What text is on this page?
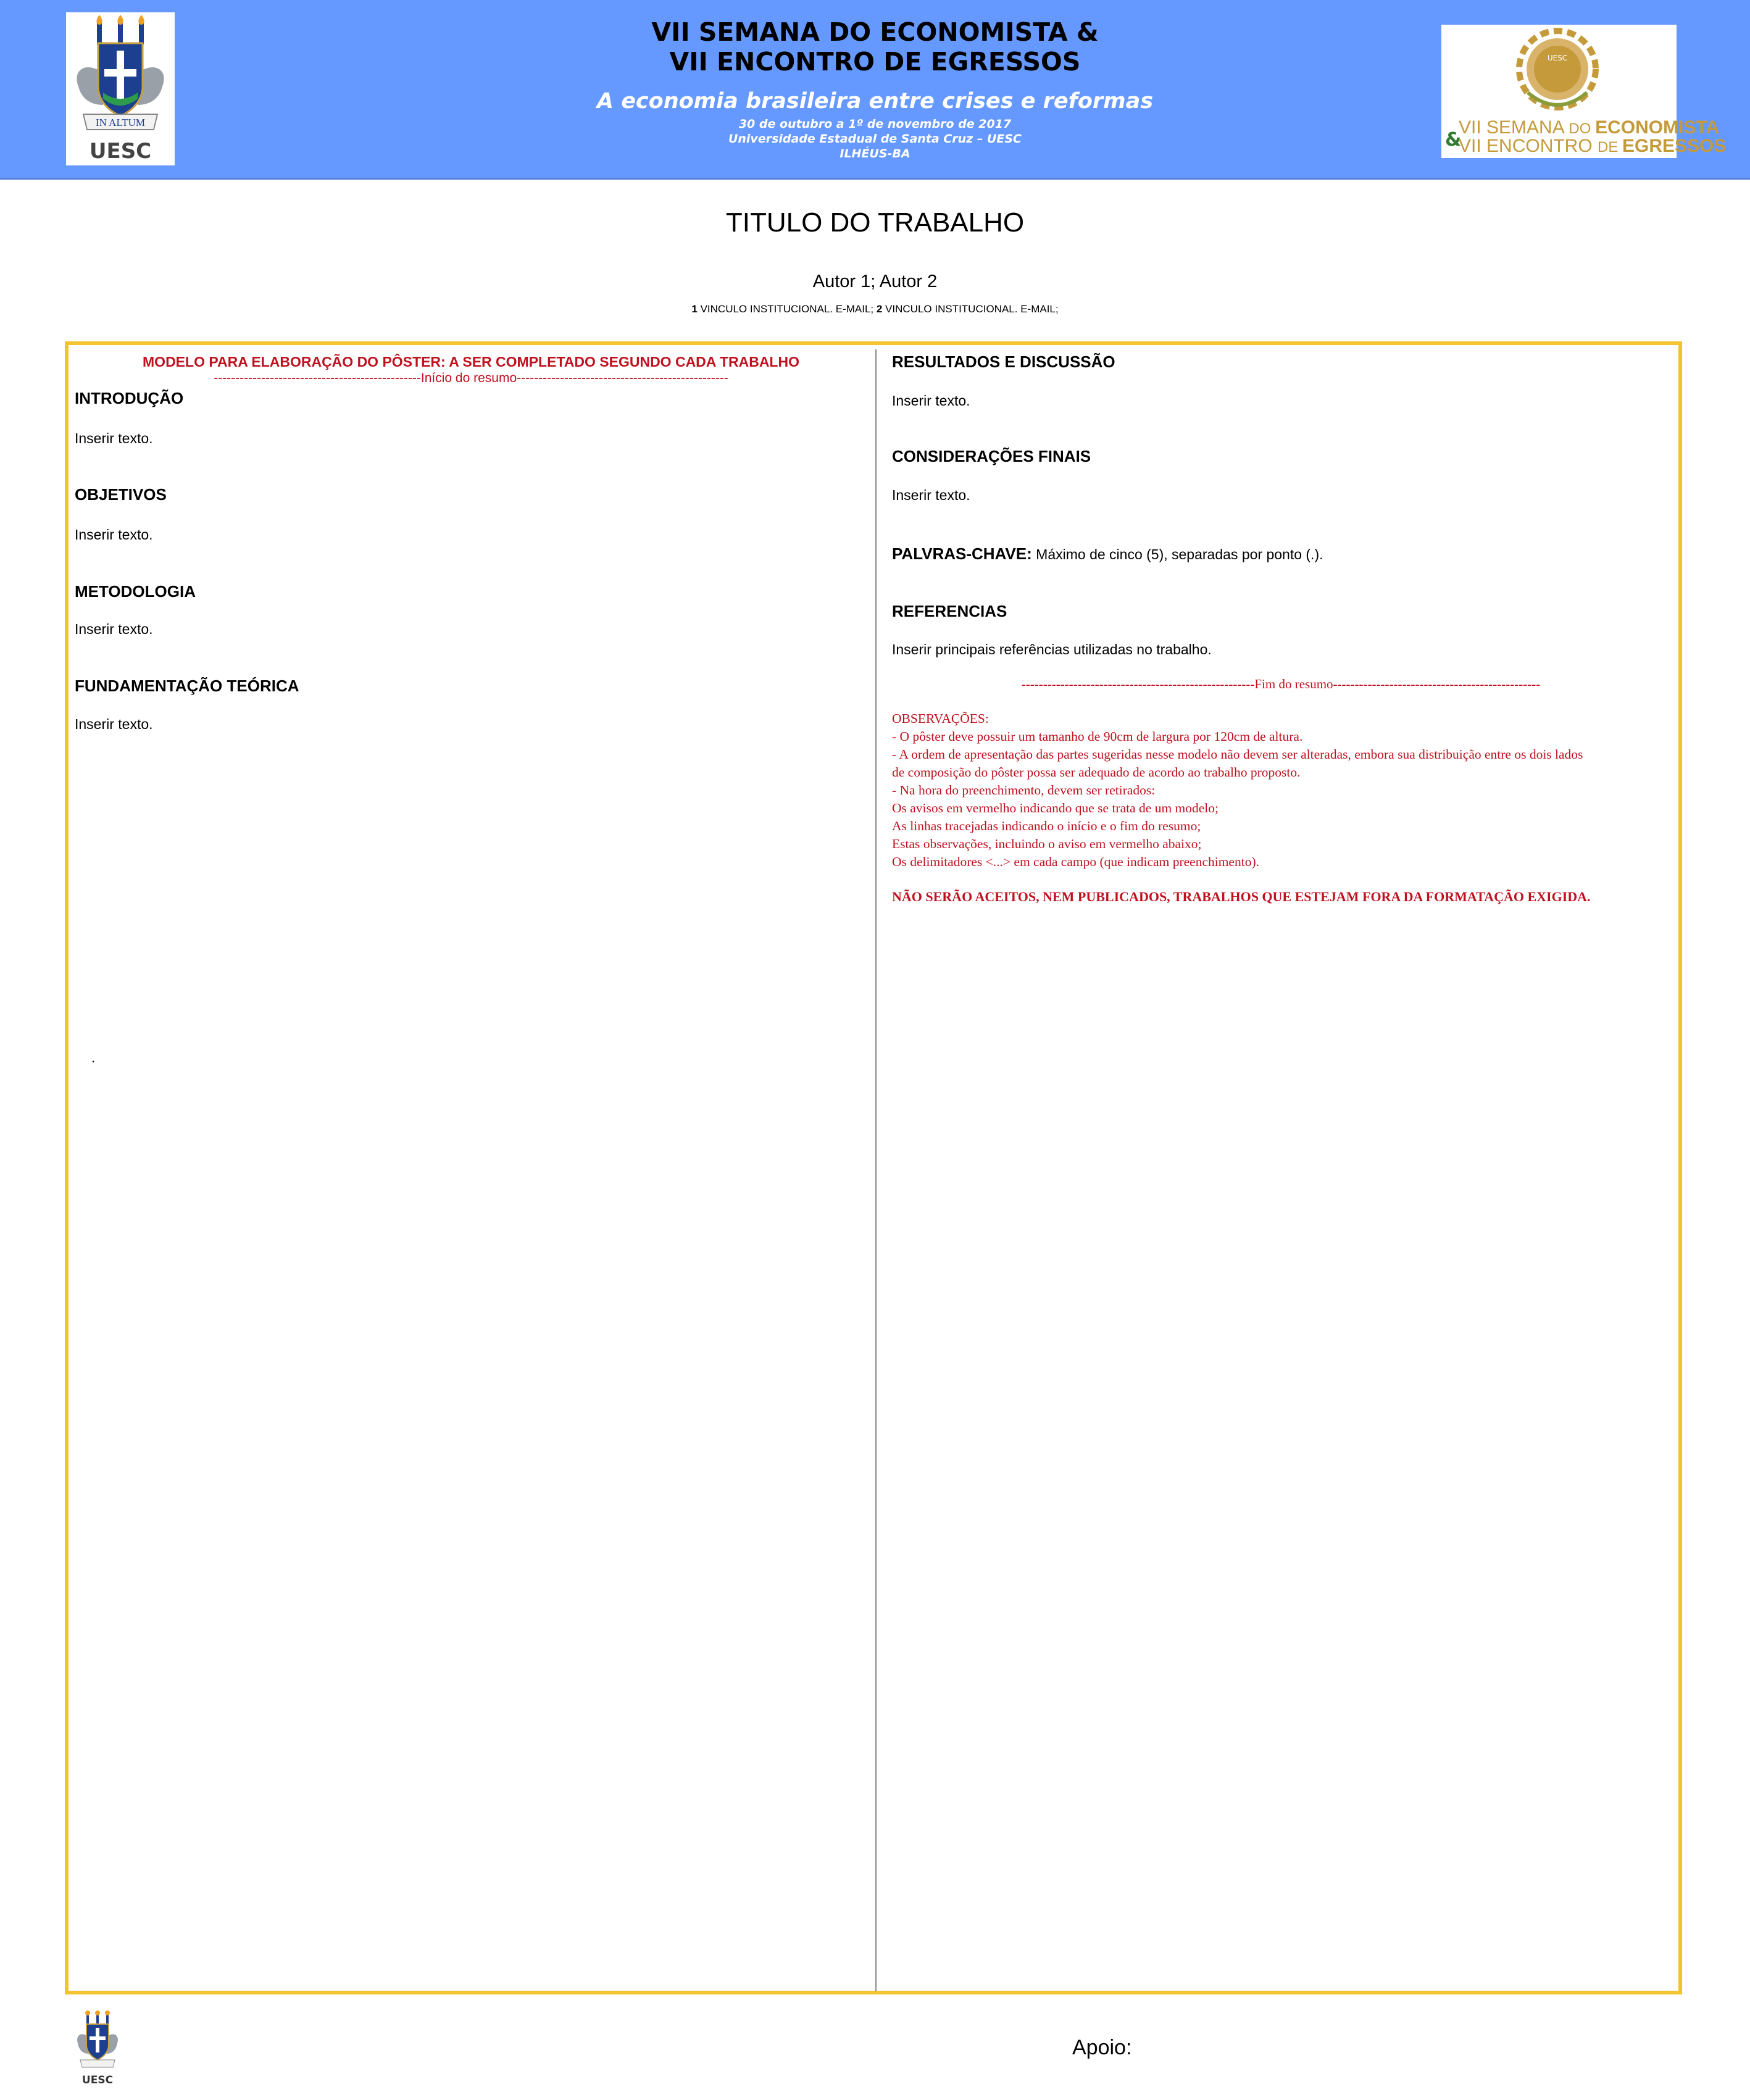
IN ALTUM
UESC
VII SEMANA DO ECONOMISTA &
VII ENCONTRO DE EGRESSOS
A economia brasileira entre crises e reformas
30 de outubro a 1º de novembro de 2017
Universidade Estadual de Santa Cruz – UESC
ILHÉUS-BA
UESC
&
VII SEMANA DO ECONOMISTA
VII ENCONTRO DE EGRESSOS
TITULO DO TRABALHO
Autor 1; Autor 2
1 VINCULO INSTITUCIONAL. E-MAIL; 2 VINCULO INSTITUCIONAL. E-MAIL;
MODELO PARA ELABORAÇÃO DO PÔSTER: A SER COMPLETADO SEGUNDO CADA TRABALHO
------------------------------------------------Início do resumo-------------------------------------------------
INTRODUÇÃO
Inserir texto.
OBJETIVOS
Inserir texto.
METODOLOGIA
Inserir texto.
FUNDAMENTAÇÃO TEÓRICA
Inserir texto.
.
RESULTADOS E DISCUSSÃO
Inserir texto.
CONSIDERAÇÕES FINAIS
Inserir texto.
PALVRAS-CHAVE: Máximo de cinco (5), separadas por ponto (.).
REFERENCIAS
Inserir principais referências utilizadas no trabalho.
------------------------------------------------------Fim do resumo------------------------------------------------
OBSERVAÇÕES:
- O pôster deve possuir um tamanho de 90cm de largura por 120cm de altura.
- A ordem de apresentação das partes sugeridas nesse modelo não devem ser alteradas, embora sua distribuição entre os dois lados
de composição do pôster possa ser adequado de acordo ao trabalho proposto.
- Na hora do preenchimento, devem ser retirados:
Os avisos em vermelho indicando que se trata de um modelo;
As linhas tracejadas indicando o início e o fim do resumo;
Estas observações, incluindo o aviso em vermelho abaixo;
Os delimitadores <...> em cada campo (que indicam preenchimento).
NÃO SERÃO ACEITOS, NEM PUBLICADOS, TRABALHOS QUE ESTEJAM FORA DA FORMATAÇÃO EXIGIDA.
UESC
Apoio:
